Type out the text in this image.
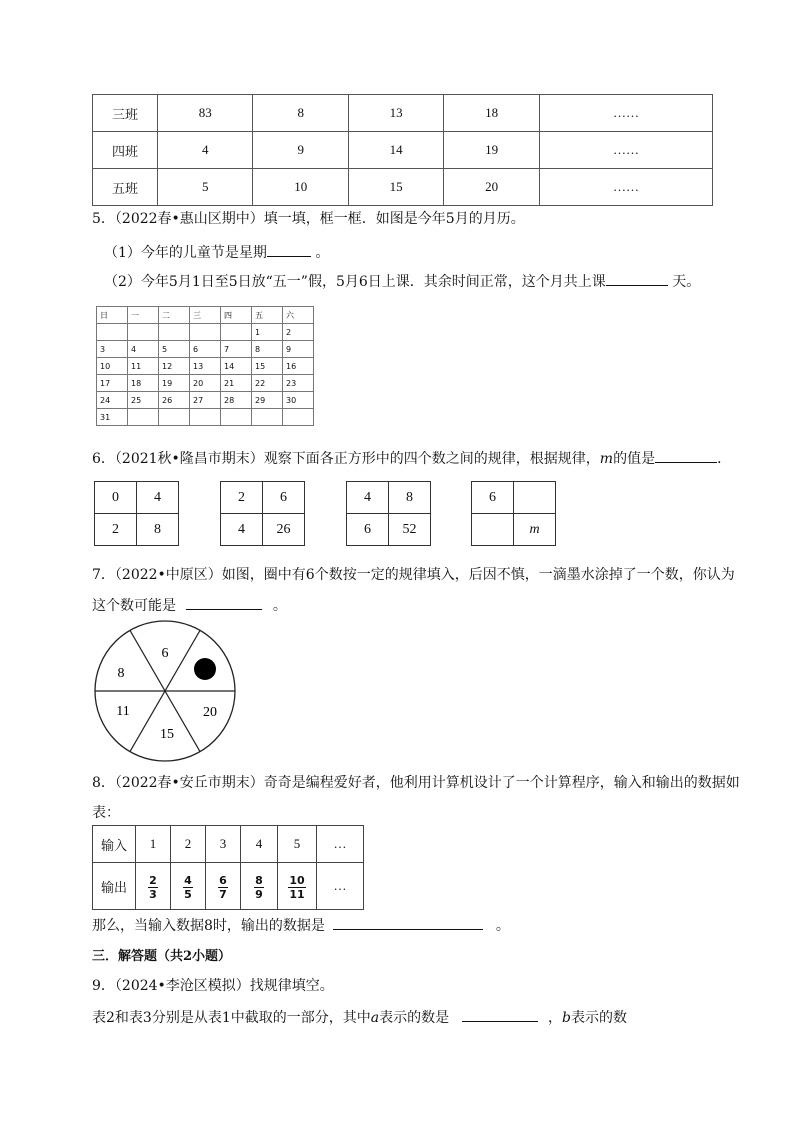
三班	83	8	13	18	……
四班	4	9	14	19	……
五班	5	10	15	20	……
5．（2022春•惠山区期中）填一填，框一框．如图是今年5月的月历。
（1）今年的儿童节是星期	。
（2）今年5月1日至5日放“五一”假，5月6日上课．其余时间正常，这个月共上课	天。
日	一	二	三	四	五	六
					1	2
3	4	5	6	7	8	9
10	11	12	13	14	15	16
17	18	19	20	21	22	23
24	25	26	27	28	29	30
31						
6．（2021秋•隆昌市期末）观察下面各正方形中的四个数之间的规律，根据规律，m的值是	．
0	4
2	8
2	6
4	26
4	8
6	52
6	
	m
7．（2022•中原区）如图，圈中有6个数按一定的规律填入，后因不慎，一滴墨水涂掉了一个数，你认为
这个数可能是	。
6
20
15
11
8
8．（2022春•安丘市期末）奇奇是编程爱好者，他利用计算机设计了一个计算程序，输入和输出的数据如
表：
输入	1	2	3	4	5	…
输出	$\frac{2}{3}$	$\frac{4}{5}$	$\frac{6}{7}$	$\frac{8}{9}$	$\frac{10}{11}$	…
那么，当输入数据8时，输出的数据是	。
三．解答题（共2小题）
9．（2024•李沧区模拟）找规律填空。
表2和表3分别是从表1中截取的一部分，其中a表示的数是	，b表示的数
